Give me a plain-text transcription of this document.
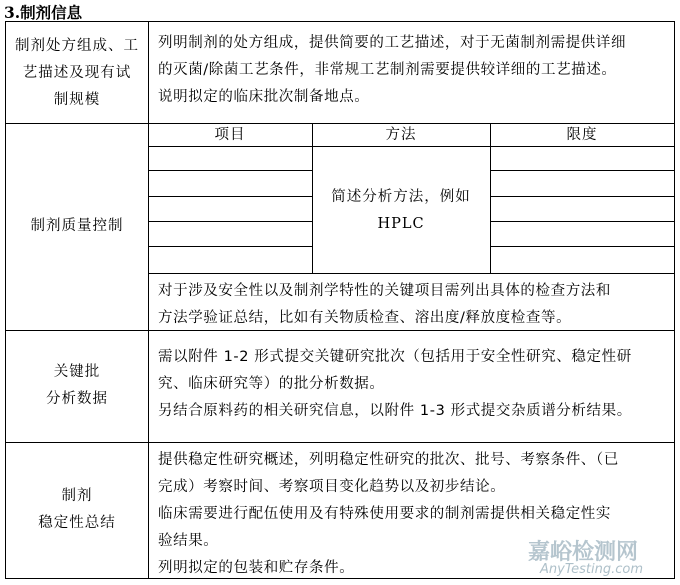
3.制剂信息
制剂处方组成、工
艺描述及现有试
制规模
列明制剂的处方组成，提供简要的工艺描述，对于无菌制剂需提供详细
的灭菌/除菌工艺条件，非常规工艺制剂需要提供较详细的工艺描述。
说明拟定的临床批次制备地点。
制剂质量控制
项目	方法	限度
简述分析方法，例如
HPLC
对于涉及安全性以及制剂学特性的关键项目需列出具体的检查方法和
方法学验证总结，比如有关物质检查、溶出度/释放度检查等。
关键批
分析数据
需以附件 1-2 形式提交关键研究批次（包括用于安全性研究、稳定性研
究、临床研究等）的批分析数据。
另结合原料药的相关研究信息，以附件 1-3 形式提交杂质谱分析结果。
制剂
稳定性总结
提供稳定性研究概述，列明稳定性研究的批次、批号、考察条件、（已
完成）考察时间、考察项目变化趋势以及初步结论。
临床需要进行配伍使用及有特殊使用要求的制剂需提供相关稳定性实
验结果。
列明拟定的包装和贮存条件。
嘉峪检测网
AnyTesting.com
